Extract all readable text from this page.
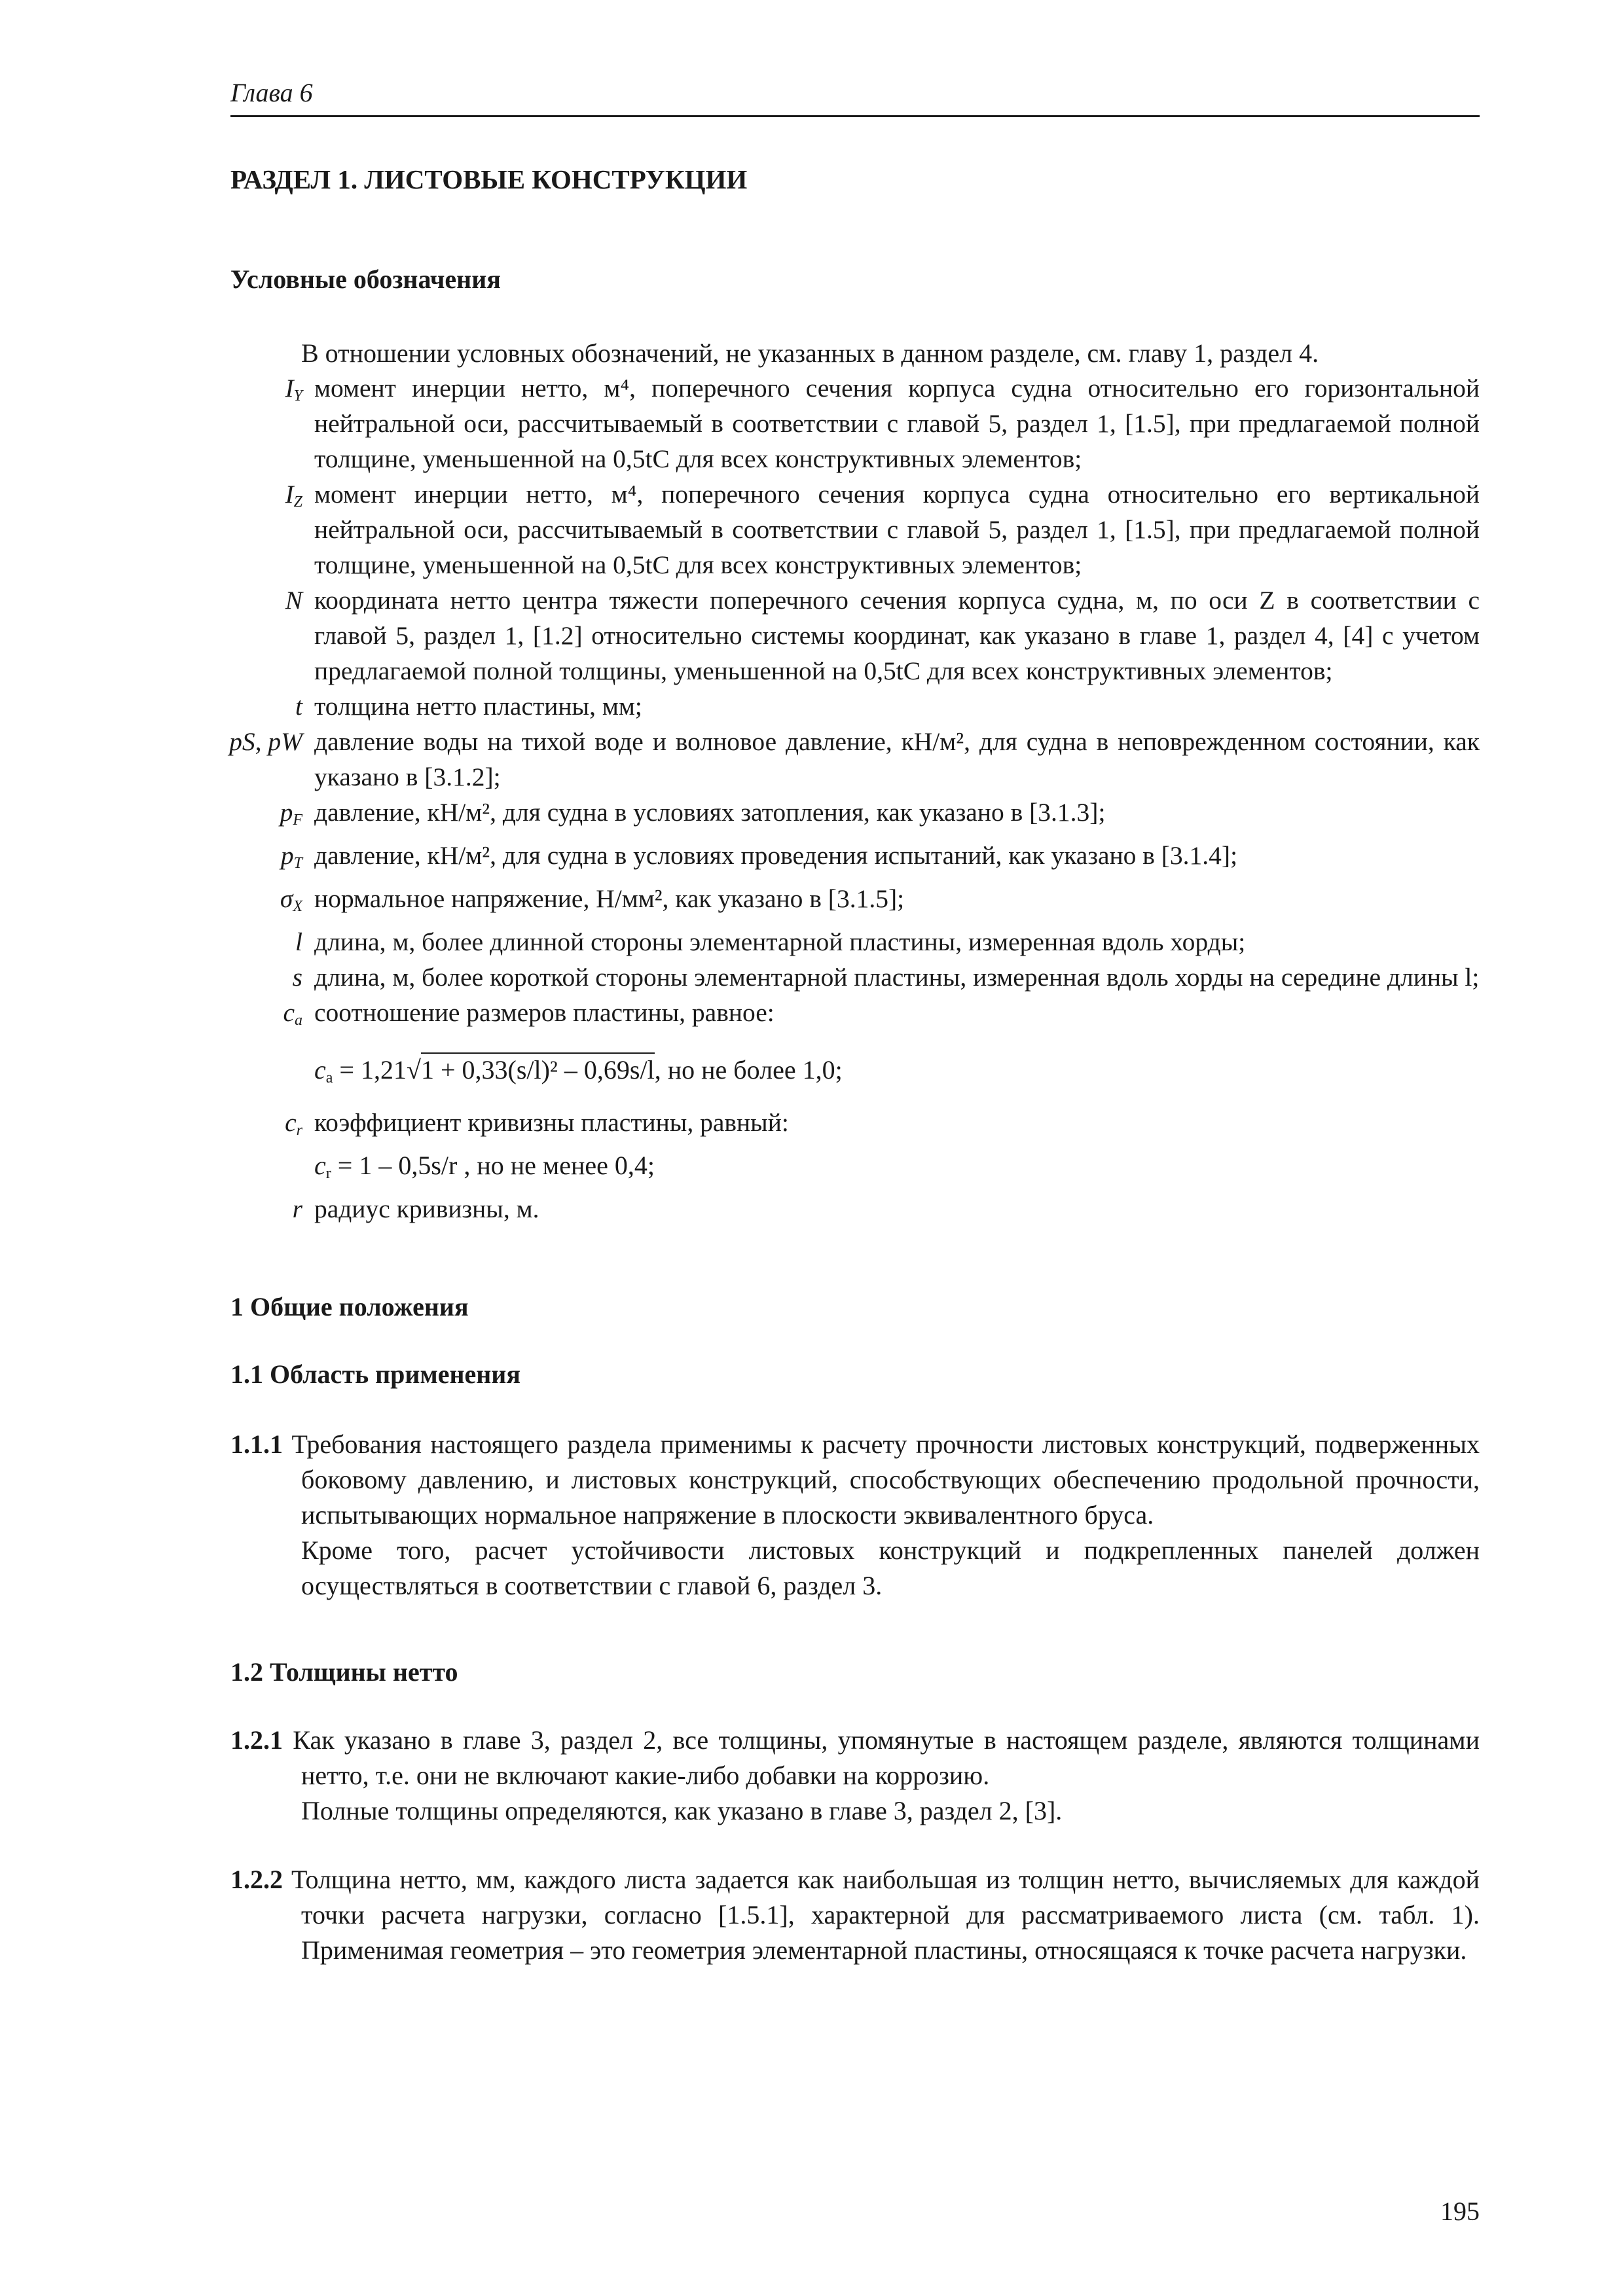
Глава 6
РАЗДЕЛ 1. ЛИСТОВЫЕ КОНСТРУКЦИИ
Условные обозначения
В отношении условных обозначений, не указанных в данном разделе, см. главу 1, раздел 4.
$I_Y$ момент инерции нетто, м⁴, поперечного сечения корпуса судна относительно его горизонтальной нейтральной оси, рассчитываемый в соответствии с главой 5, раздел 1, [1.5], при предлагаемой полной толщине, уменьшенной на 0,5tC для всех конструктивных элементов;
$I_Z$ момент инерции нетто, м⁴, поперечного сечения корпуса судна относительно его вертикальной нейтральной оси, рассчитываемый в соответствии с главой 5, раздел 1, [1.5], при предлагаемой полной толщине, уменьшенной на 0,5tC для всех конструктивных элементов;
N координата нетто центра тяжести поперечного сечения корпуса судна, м, по оси Z в соответствии с главой 5, раздел 1, [1.2] относительно системы координат, как указано в главе 1, раздел 4, [4] с учетом предлагаемой полной толщины, уменьшенной на 0,5tC для всех конструктивных элементов;
t толщина нетто пластины, мм;
pS, pW давление воды на тихой воде и волновое давление, кН/м², для судна в неповрежденном состоянии, как указано в [3.1.2];
$p_F$ давление, кН/м², для судна в условиях затопления, как указано в [3.1.3];
$p_T$ давление, кН/м², для судна в условиях проведения испытаний, как указано в [3.1.4];
$\sigma_X$ нормальное напряжение, Н/мм², как указано в [3.1.5];
l длина, м, более длинной стороны элементарной пластины, измеренная вдоль хорды;
s длина, м, более короткой стороны элементарной пластины, измеренная вдоль хорды на середине длины l;
$c_a$ соотношение размеров пластины, равное:
$c_a = 1,21√1 + 0,33(s/l)^2 - 0,69s/l$, но не более 1,0;
$c_r$ коэффициент кривизны пластины, равный:
$c_r = 1 - 0,5s/r$ , но не менее 0,4;
r радиус кривизны, м.
1 Общие положения
1.1 Область применения
1.1.1 Требования настоящего раздела применимы к расчету прочности листовых конструкций, подверженных боковому давлению, и листовых конструкций, способствующих обеспечению продольной прочности, испытывающих нормальное напряжение в плоскости эквивалентного бруса.
Кроме того, расчет устойчивости листовых конструкций и подкрепленных панелей должен осуществляться в соответствии с главой 6, раздел 3.
1.2 Толщины нетто
1.2.1 Как указано в главе 3, раздел 2, все толщины, упомянутые в настоящем разделе, являются толщинами нетто, т.е. они не включают какие-либо добавки на коррозию.
Полные толщины определяются, как указано в главе 3, раздел 2, [3].
1.2.2 Толщина нетто, мм, каждого листа задается как наибольшая из толщин нетто, вычисляемых для каждой точки расчета нагрузки, согласно [1.5.1], характерной для рассматриваемого листа (см. табл. 1). Применимая геометрия – это геометрия элементарной пластины, относящаяся к точке расчета нагрузки.
195
